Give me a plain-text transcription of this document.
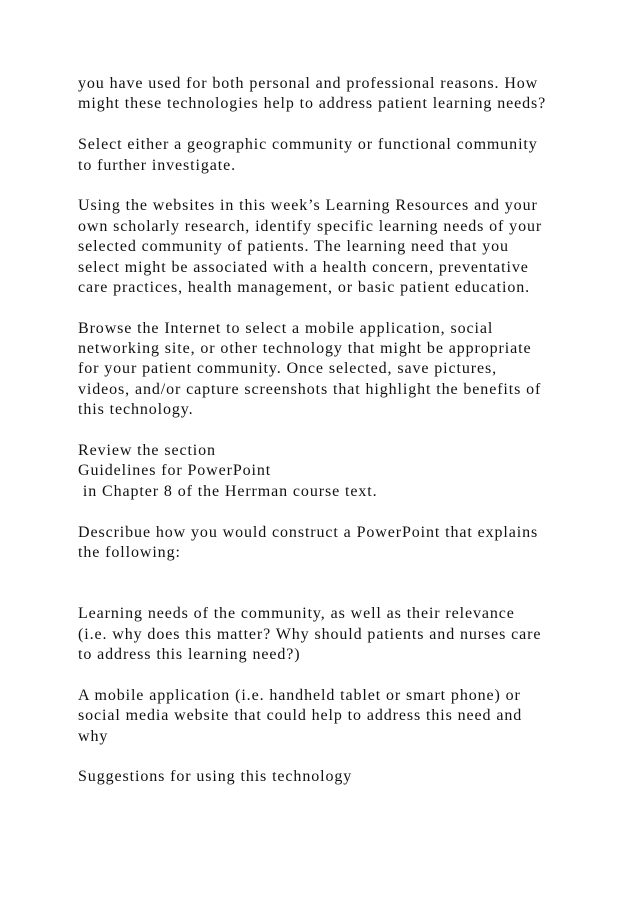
you have used for both personal and professional reasons. How
might these technologies help to address patient learning needs?
Select either a geographic community or functional community
to further investigate.
Using the websites in this week’s Learning Resources and your
own scholarly research, identify specific learning needs of your
selected community of patients. The learning need that you
select might be associated with a health concern, preventative
care practices, health management, or basic patient education.
Browse the Internet to select a mobile application, social
networking site, or other technology that might be appropriate
for your patient community. Once selected, save pictures,
videos, and/or capture screenshots that highlight the benefits of
this technology.
Review the section
Guidelines for PowerPoint
in Chapter 8 of the Herrman course text.
Describue how you would construct a PowerPoint that explains
the following:
Learning needs of the community, as well as their relevance
(i.e. why does this matter? Why should patients and nurses care
to address this learning need?)
A mobile application (i.e. handheld tablet or smart phone) or
social media website that could help to address this need and
why
Suggestions for using this technology
